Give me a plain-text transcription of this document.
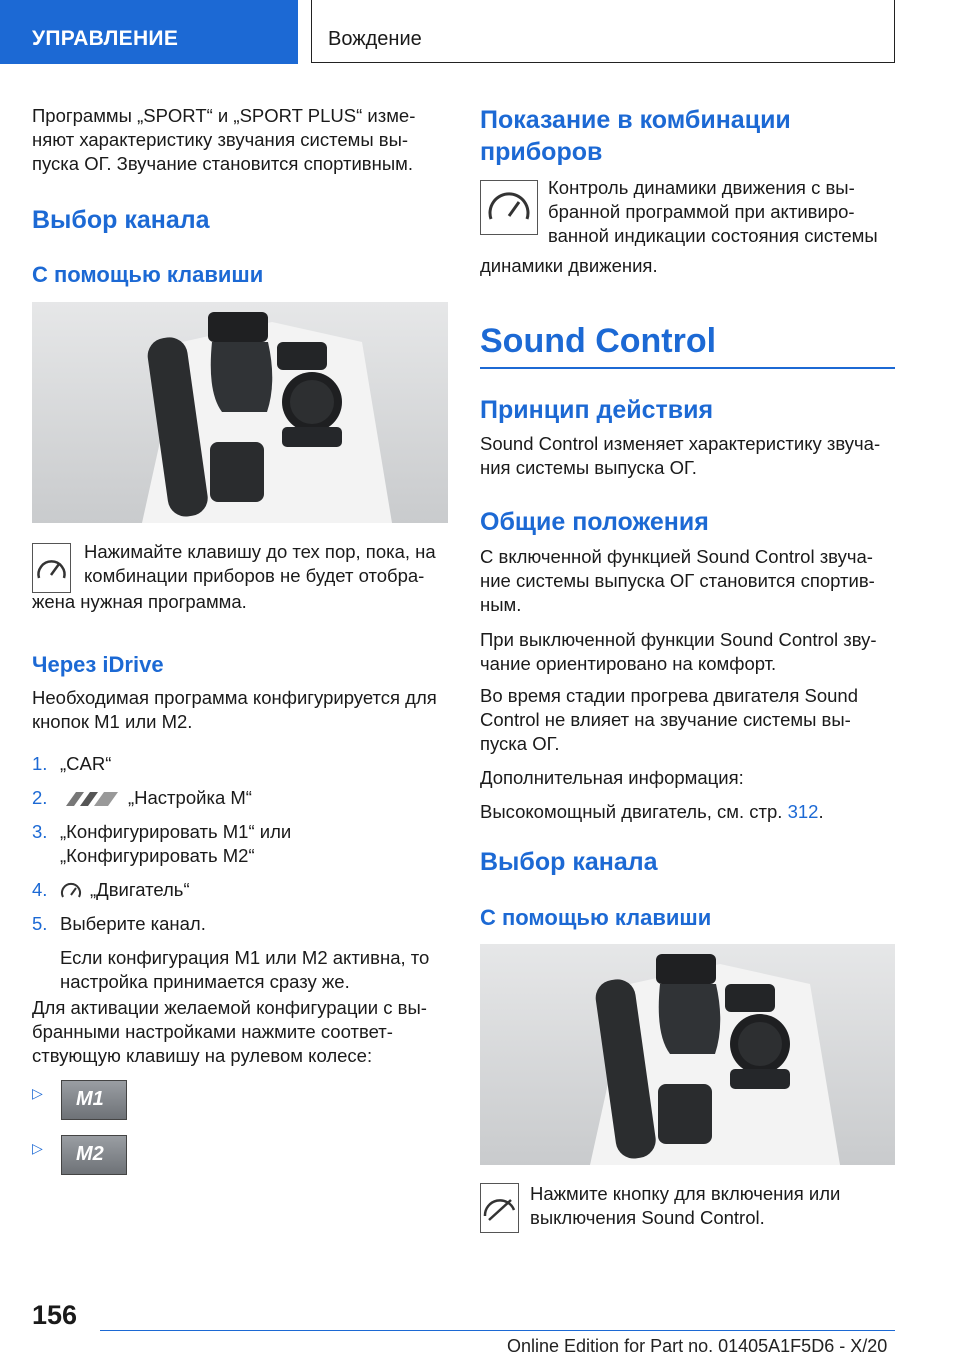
УПРАВЛЕНИЕ	Вождение

Программы „SPORT“ и „SPORT PLUS“ изме-

няют характеристику звучания системы вы-

пуска ОГ. Звучание становится спортивным.

Выбор канала
С помощью клавиши

Нажимайте клавишу до тех пор, пока, на

комбинации приборов не будет отобра-

жена нужная программа.

Через iDrive

Необходимая программа конфигурируется для

кнопок M1 или M2.

1. „CAR“

2.	„Настройка M“

3. „Конфигурировать M1“ или

„Конфигурировать M2“

4. „Двигатель“

5. Выберите канал.

Если конфигурация M1 или M2 активна, то

настройка принимается сразу же.

Для активации желаемой конфигурации с вы-

бранными настройками нажмите соответ-

ствующую клавишу на рулевом колесе:

▷ M1
▷ M2
Показание в комбинации
приборов

Контроль динамики движения с вы-

бранной программой при активиро-

ванной индикации состояния системы

динамики движения.

Sound Control
Принцип действия

Sound Control изменяет характеристику звуча-

ния системы выпуска ОГ.

Общие положения

С включенной функцией Sound Control звуча-

ние системы выпуска ОГ становится спортив-

ным.

При выключенной функции Sound Control зву-

чание ориентировано на комфорт.

Во время стадии прогрева двигателя Sound

Control не влияет на звучание системы вы-

пуска ОГ.

Дополнительная информация:

Высокомощный двигатель, см. стр. 312.

Выбор канала
С помощью клавиши

Нажмите кнопку для включения или

выключения Sound Control.

156
Online Edition for Part no. 01405A1F5D6 - X/20
